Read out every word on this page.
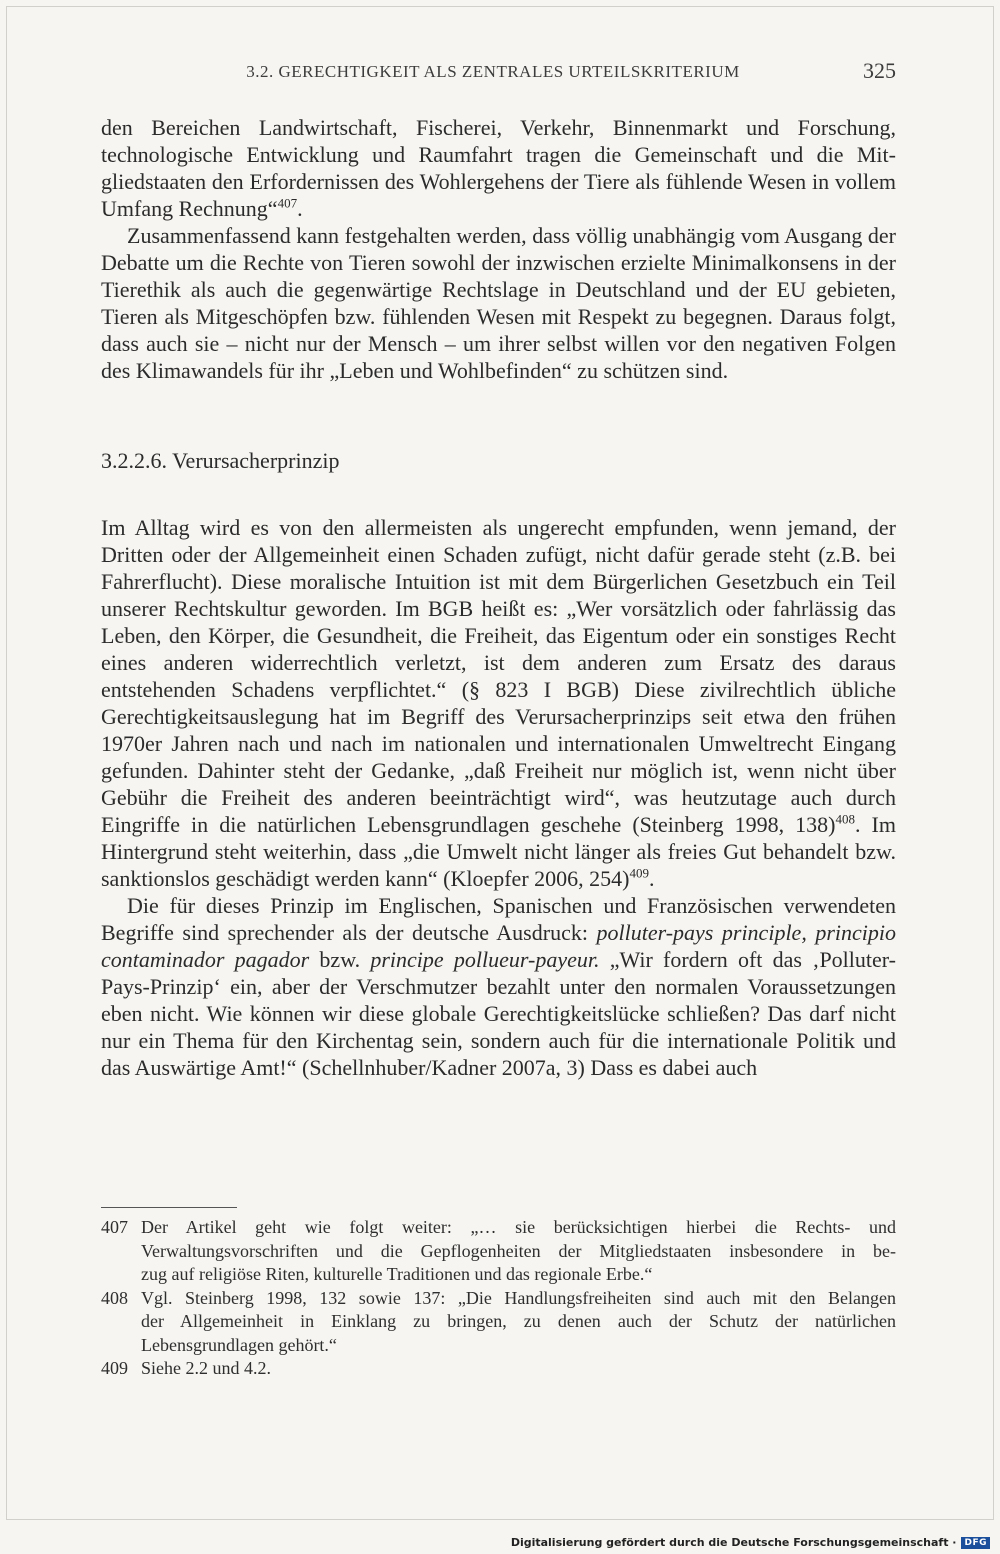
3.2. GERECHTIGKEIT ALS ZENTRALES URTEILSKRITERIUM	325

den Bereichen Landwirtschaft, Fischerei, Verkehr, Binnenmarkt und Forschung, technologische Entwicklung und Raumfahrt tragen die Gemeinschaft und die Mitgliedstaaten den Erfordernissen des Wohlergehens der Tiere als fühlende Wesen in vollem Umfang Rechnung“$^{407}$.

Zusammenfassend kann festgehalten werden, dass völlig unabhängig vom Ausgang der Debatte um die Rechte von Tieren sowohl der inzwischen erzielte Minimalkonsens in der Tierethik als auch die gegenwärtige Rechtslage in Deutschland und der EU gebieten, Tieren als Mitgeschöpfen bzw. fühlenden Wesen mit Respekt zu begegnen. Daraus folgt, dass auch sie – nicht nur der Mensch – um ihrer selbst willen vor den negativen Folgen des Klimawandels für ihr „Leben und Wohlbefinden“ zu schützen sind.

3.2.2.6. Verursacherprinzip

Im Alltag wird es von den allermeisten als ungerecht empfunden, wenn jemand, der Dritten oder der Allgemeinheit einen Schaden zufügt, nicht dafür gerade steht (z.B. bei Fahrerflucht). Diese moralische Intuition ist mit dem Bürgerlichen Gesetzbuch ein Teil unserer Rechtskultur geworden. Im BGB heißt es: „Wer vorsätzlich oder fahrlässig das Leben, den Körper, die Gesundheit, die Freiheit, das Eigentum oder ein sonstiges Recht eines anderen widerrechtlich verletzt, ist dem anderen zum Ersatz des daraus entstehenden Schadens verpflichtet.“ (§ 823 I BGB) Diese zivilrechtlich übliche Gerechtigkeitsauslegung hat im Begriff des Verursacherprinzips seit etwa den frühen 1970er Jahren nach und nach im nationalen und internationalen Umweltrecht Eingang gefunden. Dahinter steht der Gedanke, „daß Freiheit nur möglich ist, wenn nicht über Gebühr die Freiheit des anderen beeinträchtigt wird“, was heutzutage auch durch Eingriffe in die natürlichen Lebensgrundlagen geschehe (Steinberg 1998, 138)$^{408}$. Im Hintergrund steht weiterhin, dass „die Umwelt nicht länger als freies Gut behandelt bzw. sanktionslos geschädigt werden kann“ (Kloepfer 2006, 254)$^{409}$.

Die für dieses Prinzip im Englischen, Spanischen und Französischen verwendeten Begriffe sind sprechender als der deutsche Ausdruck: polluter-pays principle, principio contaminador pagador bzw. principe pollueur-payeur. „Wir fordern oft das ‚Polluter-Pays-Prinzip‘ ein, aber der Verschmutzer bezahlt unter den normalen Voraussetzungen eben nicht. Wie können wir diese globale Gerechtigkeitslücke schließen? Das darf nicht nur ein Thema für den Kirchentag sein, sondern auch für die internationale Politik und das Auswärtige Amt!“ (Schellnhuber/Kadner 2007a, 3) Dass es dabei auch

407 Der Artikel geht wie folgt weiter: „… sie berücksichtigen hierbei die Rechts- und
Verwaltungsvorschriften und die Gepflogenheiten der Mitgliedstaaten insbesondere in be-
zug auf religiöse Riten, kulturelle Traditionen und das regionale Erbe.“
408 Vgl. Steinberg 1998, 132 sowie 137: „Die Handlungsfreiheiten sind auch mit den Belangen
der Allgemeinheit in Einklang zu bringen, zu denen auch der Schutz der natürlichen
Lebensgrundlagen gehört.“
409 Siehe 2.2 und 4.2.
Digitalisierung gefördert durch die Deutsche Forschungsgemeinschaft · DFG
